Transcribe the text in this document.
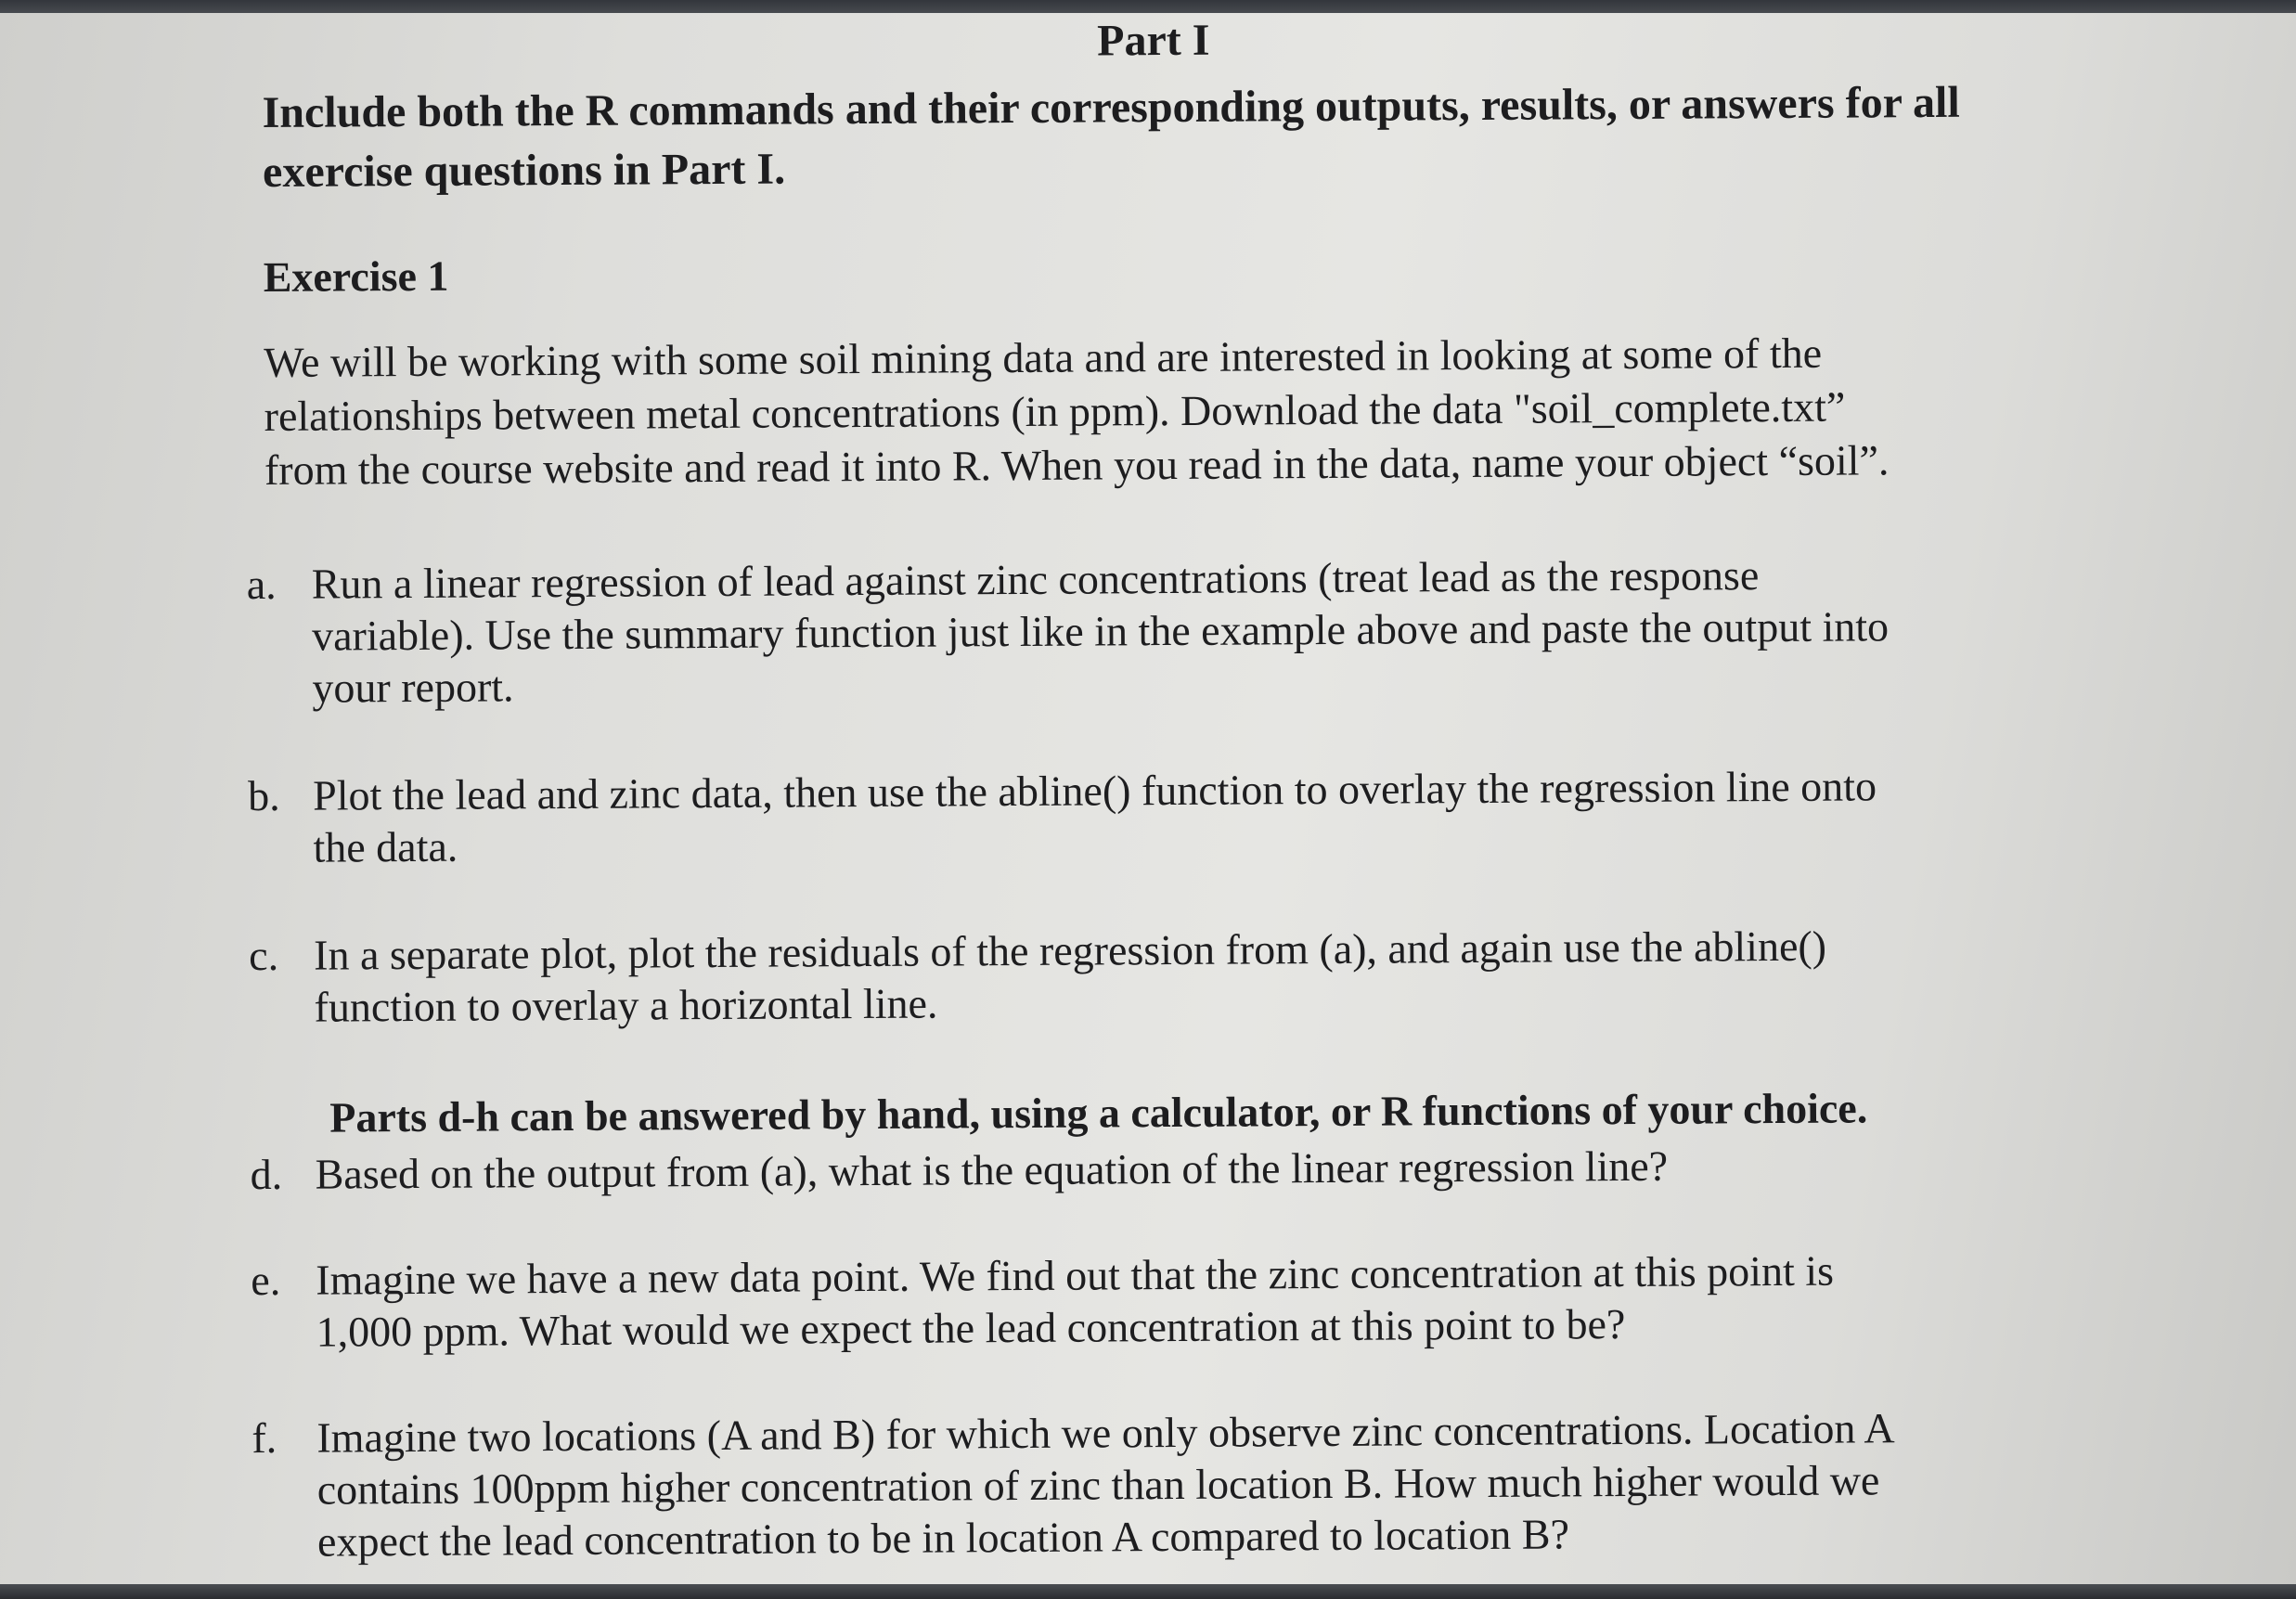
Part I
Include both the R commands and their corresponding outputs, results, or answers for all
exercise questions in Part I.
Exercise 1
We will be working with some soil mining data and are interested in looking at some of the
relationships between metal concentrations (in ppm). Download the data "soil_complete.txt”
from the course website and read it into R. When you read in the data, name your object “soil”.
a. Run a linear regression of lead against zinc concentrations (treat lead as the response
variable). Use the summary function just like in the example above and paste the output into
your report.
b. Plot the lead and zinc data, then use the abline() function to overlay the regression line onto
the data.
c. In a separate plot, plot the residuals of the regression from (a), and again use the abline()
function to overlay a horizontal line.
Parts d-h can be answered by hand, using a calculator, or R functions of your choice.
d. Based on the output from (a), what is the equation of the linear regression line?
e. Imagine we have a new data point. We find out that the zinc concentration at this point is
1,000 ppm. What would we expect the lead concentration at this point to be?
f. Imagine two locations (A and B) for which we only observe zinc concentrations. Location A
contains 100ppm higher concentration of zinc than location B. How much higher would we
expect the lead concentration to be in location A compared to location B?
